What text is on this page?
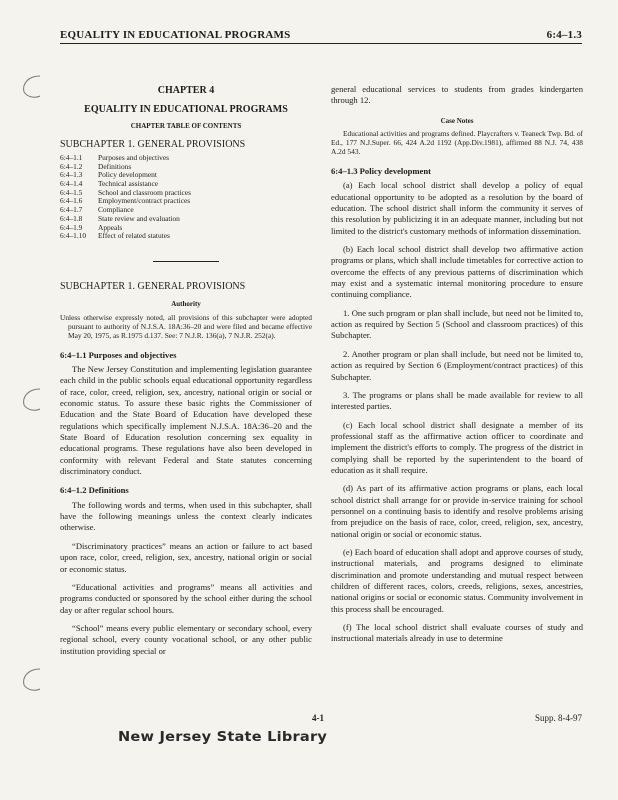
EQUALITY IN EDUCATIONAL PROGRAMS	6:4–1.3
CHAPTER 4
EQUALITY IN EDUCATIONAL PROGRAMS
CHAPTER TABLE OF CONTENTS
SUBCHAPTER 1. GENERAL PROVISIONS
6:4–1.1	Purposes and objectives
6:4–1.2	Definitions
6:4–1.3	Policy development
6:4–1.4	Technical assistance
6:4–1.5	School and classroom practices
6:4–1.6	Employment/contract practices
6:4–1.7	Compliance
6:4–1.8	State review and evaluation
6:4–1.9	Appeals
6:4–1.10	Effect of related statutes
SUBCHAPTER 1. GENERAL PROVISIONS
Authority

Unless otherwise expressly noted, all provisions of this subchapter were adopted pursuant to authority of N.J.S.A. 18A:36–20 and were filed and became effective May 20, 1975, as R.1975 d.137. See: 7 N.J.R. 136(a), 7 N.J.R. 252(a).

6:4–1.1 Purposes and objectives

The New Jersey Constitution and implementing legislation guarantee each child in the public schools equal educational opportunity regardless of race, color, creed, religion, sex, ancestry, national origin or social or economic status. To assure these basic rights the Commissioner of Education and the State Board of Education have developed these regulations which specifically implement N.J.S.A. 18A:36–20 and the State Board of Education resolution concerning sex equality in educational programs. These regulations have also been developed in conformity with relevant Federal and State statutes concerning discriminatory conduct.

6:4–1.2 Definitions

The following words and terms, when used in this subchapter, shall have the following meanings unless the context clearly indicates otherwise.

“Discriminatory practices” means an action or failure to act based upon race, color, creed, religion, sex, ancestry, national origin or social or economic status.

“Educational activities and programs” means all activities and programs conducted or sponsored by the school either during the school day or after regular school hours.

“School” means every public elementary or secondary school, every regional school, every county vocational school, or any other public institution providing special or

general educational services to students from grades kindergarten through 12.

Case Notes

Educational activities and programs defined. Playcrafters v. Teaneck Twp. Bd. of Ed., 177 N.J.Super. 66, 424 A.2d 1192 (App.Div.1981), affirmed 88 N.J. 74, 438 A.2d 543.

6:4–1.3 Policy development

(a) Each local school district shall develop a policy of equal educational opportunity to be adopted as a resolution by the board of education. The school district shall inform the community it serves of this resolution by publicizing it in an adequate manner, including but not limited to the district's customary methods of information dissemination.

(b) Each local school district shall develop two affirmative action programs or plans, which shall include timetables for corrective action to overcome the effects of any previous patterns of discrimination which may exist and a systematic internal monitoring procedure to ensure continuing compliance.

1. One such program or plan shall include, but need not be limited to, action as required by Section 5 (School and classroom practices) of this Subchapter.

2. Another program or plan shall include, but need not be limited to, action as required by Section 6 (Employment/contract practices) of this Subchapter.

3. The programs or plans shall be made available for review to all interested parties.

(c) Each local school district shall designate a member of its professional staff as the affirmative action officer to coordinate and implement the district's efforts to comply. The progress of the district in complying shall be reported by the superintendent to the board of education as it shall require.

(d) As part of its affirmative action programs or plans, each local school district shall arrange for or provide in-service training for school personnel on a continuing basis to identify and resolve problems arising from prejudice on the basis of race, color, creed, religion, sex, ancestry, national origin or social or economic status.

(e) Each board of education shall adopt and approve courses of study, instructional materials, and programs designed to eliminate discrimination and promote understanding and mutual respect between children of different races, colors, creeds, religions, sexes, ancestries, national origins or social or economic status. Community involvement in this process shall be encouraged.

(f) The local school district shall evaluate courses of study and instructional materials already in use to determine

4-1	Supp. 8-4-97
New Jersey State Library
